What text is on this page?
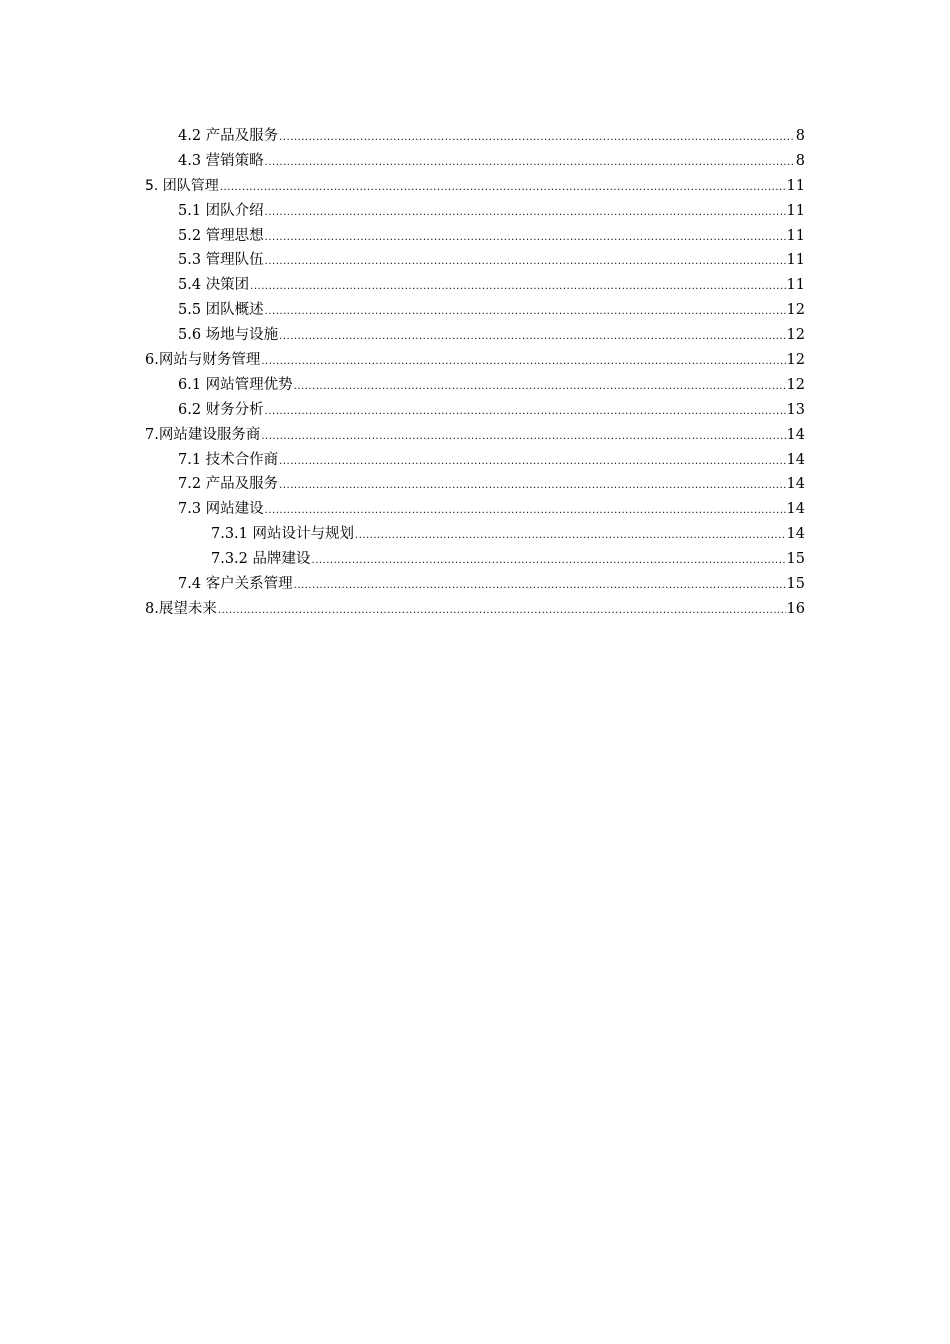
4.2 产品及服务 .....	8
4.3 营销策略 .....	8
5. 团队管理 .....	11
5.1 团队介绍 .....	11
5.2 管理思想 .....	11
5.3 管理队伍 .....	11
5.4 决策团 .....	11
5.5 团队概述 .....	12
5.6 场地与设施 .....	12
6.网站与财务管理 .....	12
6.1 网站管理优势 .....	12
6.2 财务分析 .....	13
7.网站建设服务商 .....	14
7.1 技术合作商 .....	14
7.2 产品及服务 .....	14
7.3 网站建设 .....	14
7.3.1 网站设计与规划 .....	14
7.3.2 品牌建设 .....	15
7.4 客户关系管理 .....	15
8.展望未来 .....	16
